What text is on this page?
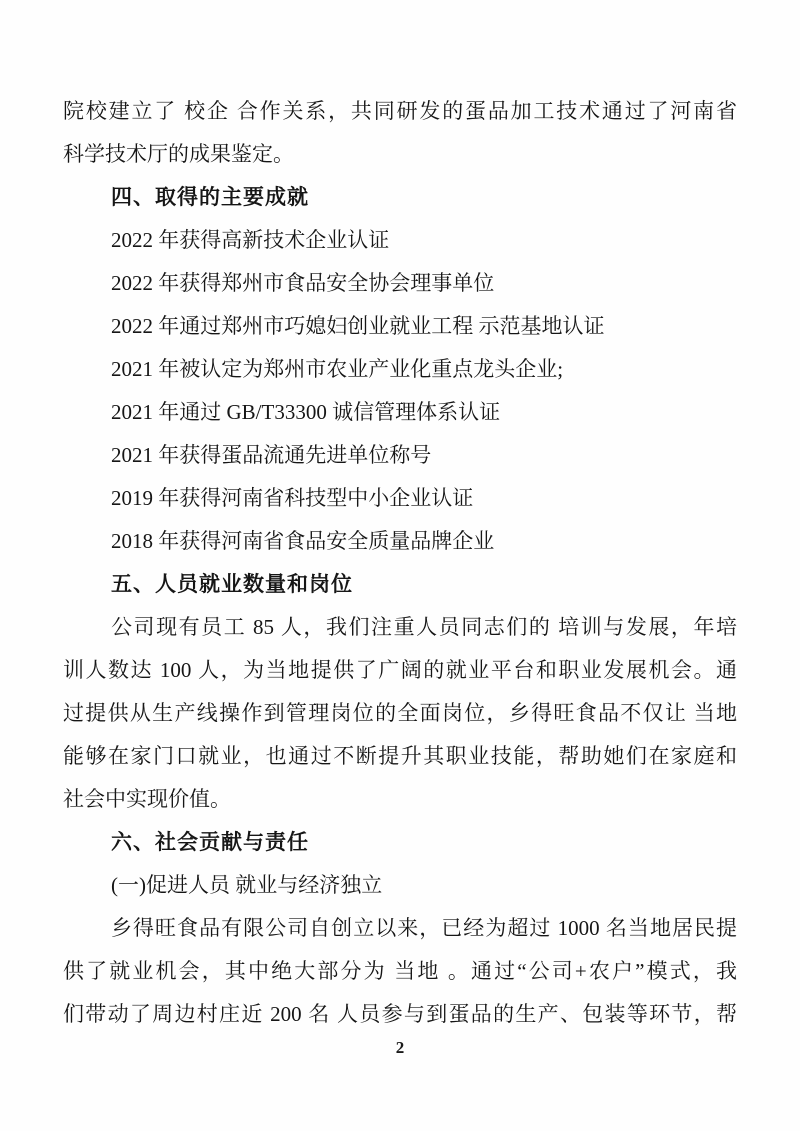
院校建立了 校企 合作关系，共同研发的蛋品加工技术通过了河南省
科学技术厅的成果鉴定。
四、取得的主要成就
2022 年获得高新技术企业认证
2022 年获得郑州市食品安全协会理事单位
2022 年通过郑州市巧媳妇创业就业工程 示范基地认证
2021 年被认定为郑州市农业产业化重点龙头企业;
2021 年通过 GB/T33300 诚信管理体系认证
2021 年获得蛋品流通先进单位称号
2019 年获得河南省科技型中小企业认证
2018 年获得河南省食品安全质量品牌企业
五、人员就业数量和岗位
公司现有员工 85 人，我们注重人员同志们的 培训与发展，年培
训人数达 100 人，为当地提供了广阔的就业平台和职业发展机会。通
过提供从生产线操作到管理岗位的全面岗位，乡得旺食品不仅让 当地
能够在家门口就业，也通过不断提升其职业技能，帮助她们在家庭和
社会中实现价值。
六、社会贡献与责任
(一)促进人员 就业与经济独立
乡得旺食品有限公司自创立以来，已经为超过 1000 名当地居民提
供了就业机会，其中绝大部分为 当地 。通过“公司+农户”模式，我
们带动了周边村庄近 200 名 人员参与到蛋品的生产、包装等环节，帮
2
